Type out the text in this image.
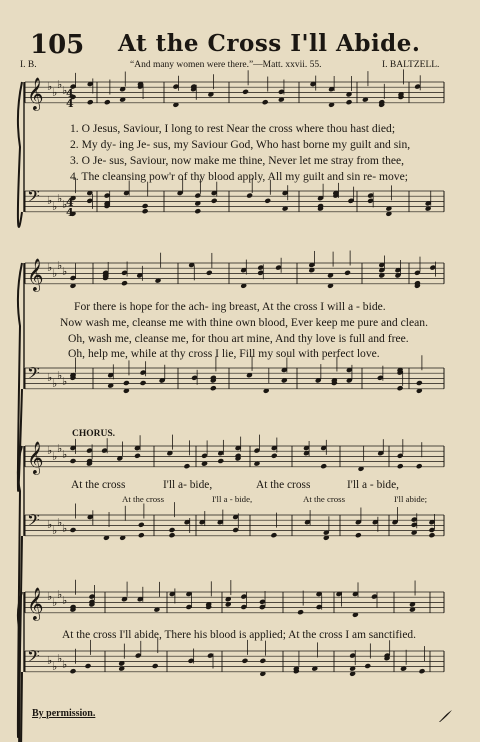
𝄞 ♭ ♭
♭ ♭
𝄢 ♭ ♭
♭ ♭
𝄞 ♭ ♭
♭ ♭
𝄢 ♭ ♭
♭ ♭
𝄞 ♭ ♭
♭ ♭
𝄢 ♭ ♭
♭ ♭
𝄞 ♭ ♭
♭ ♭
𝄢 ♭ ♭
♭ ♭
4
4
4
4
105 At the Cross I'll Abide.
I. B.	“And many women were there.”—Matt. xxvii. 55.	I. BALTZELL.
1. O Jesus, Saviour, I long to rest Near the cross where thou hast died;
2. My dy- ing Je- sus, my Saviour God, Who hast borne my guilt and sin,
3. O Je- sus, Saviour, now make me thine, Never let me stray from thee,
4. The cleansing pow'r of thy blood apply, All my guilt and sin re- move;
For there is hope for the ach- ing breast, At the cross I will a - bide.
Now wash me, cleanse me with thine own blood, Ever keep me pure and clean.
Oh, wash me, cleanse me, for thou art mine, And thy love is full and free.
Oh, help me, while at thy cross I lie, Fill my soul with perfect love.
CHORUS.
At the cross	I'll a- bide,	At the cross	I'll a - bide,
At the cross	I'll a - bide,	At the cross	I'll abide;
At the cross I'll abide, There his blood is applied; At the cross I am sanctified.
By permission.
